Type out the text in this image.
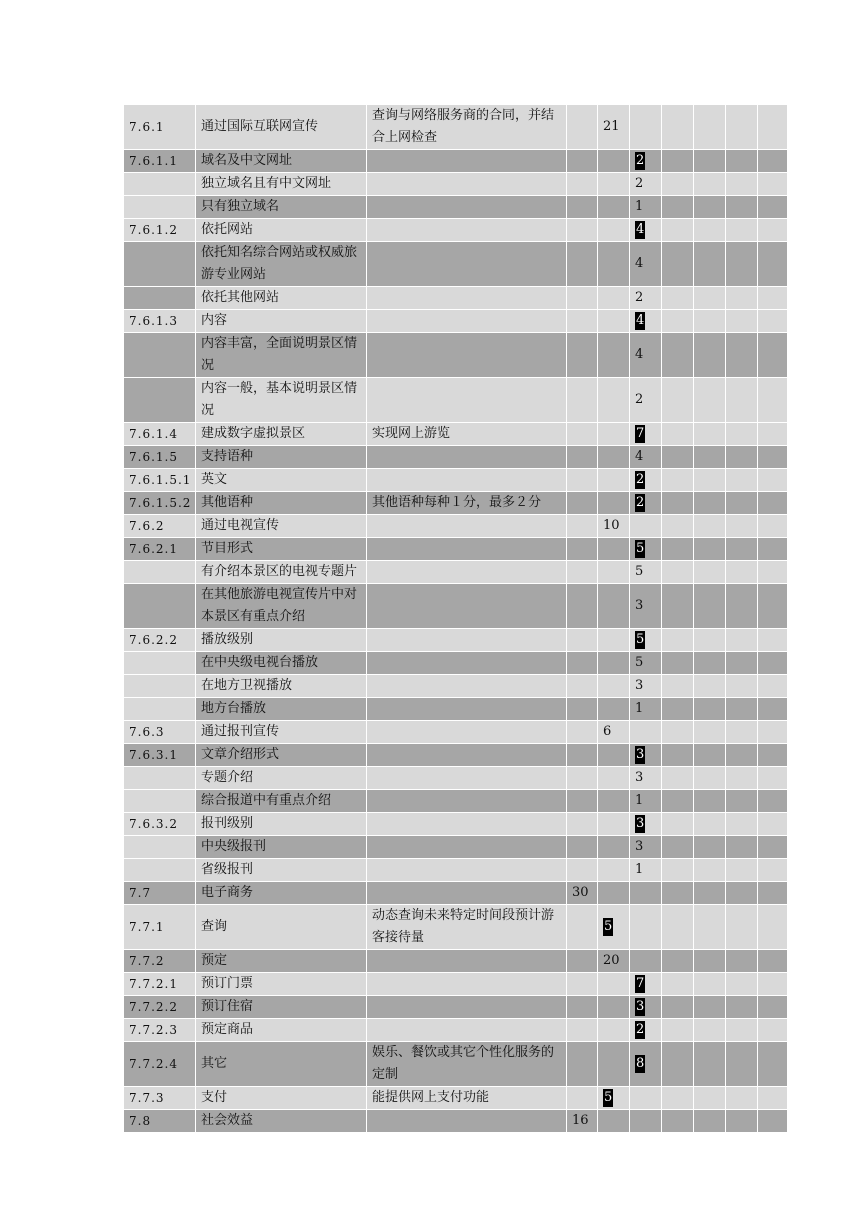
7.6.1	通过国际互联网宣传	查询与网络服务商的合同，并结合上网检查		21					
7.6.1.1	域名及中文网址				2				
	独立域名且有中文网址				2				
	只有独立域名				1				
7.6.1.2	依托网站				4				
	依托知名综合网站或权威旅游专业网站				4				
	依托其他网站				2				
7.6.1.3	内容				4				
	内容丰富，全面说明景区情况				4				
	内容一般，基本说明景区情况				2				
7.6.1.4	建成数字虚拟景区	实现网上游览			7				
7.6.1.5	支持语种				4				
7.6.1.5.1	英文				2				
7.6.1.5.2	其他语种	其他语种每种１分，最多２分			2				
7.6.2	通过电视宣传			10					
7.6.2.1	节目形式				5				
	有介绍本景区的电视专题片				5				
	在其他旅游电视宣传片中对本景区有重点介绍				3				
7.6.2.2	播放级别				5				
	在中央级电视台播放				5				
	在地方卫视播放				3				
	地方台播放				1				
7.6.3	通过报刊宣传			6					
7.6.3.1	文章介绍形式				3				
	专题介绍				3				
	综合报道中有重点介绍				1				
7.6.3.2	报刊级别				3				
	中央级报刊				3				
	省级报刊				1				
7.7	电子商务		30						
7.7.1	查询	动态查询未来特定时间段预计游客接待量		5					
7.7.2	预定			20					
7.7.2.1	预订门票				7				
7.7.2.2	预订住宿				3				
7.7.2.3	预定商品				2				
7.7.2.4	其它	娱乐、餐饮或其它个性化服务的定制			8				
7.7.3	支付	能提供网上支付功能		5					
7.8	社会效益		16						
